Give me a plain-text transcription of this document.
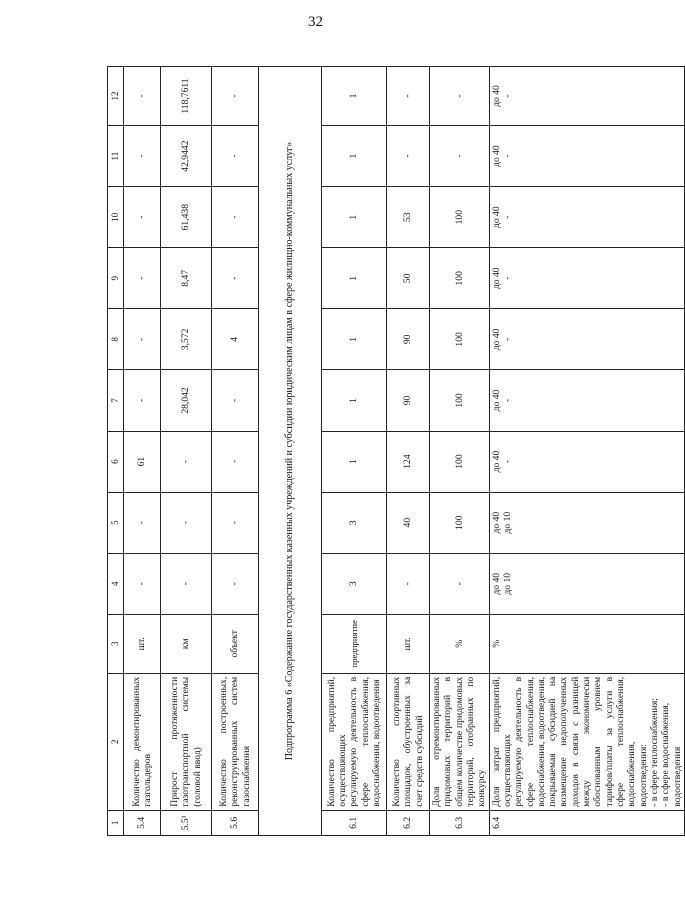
32
1	2	3	4	5	6	7	8	9	10	11	12
5.4	Количество демонтированных газгольдеров	шт.	-	-	61	-	-	-	-	-	-
5.5¹	Прирост протяженности газотранспортной системы (головой ввод)	км	-	-	-	28,042	3,572	8,47	61,438	42,9442	118,7611
5.6	Количество построенных, реконструированных систем газоснабжения	объект	-	-	-	-	4	-	-	-	-
Подпрограмма 6 «Содержание государственных казенных учреждений и субсидии юридическим лицам в сфере жилищно-коммунальных услуг»											
6.1	Количество предприятий, осуществляющих регулируемую деятельность в сфере теплоснабжения, водоснабжения, водоотведения	предприятие	3	3	1	1	1	1	1	1	1
6.2	Количество спортивных площадок, обустроенных за счет средств субсидий	шт.	-	40	124	90	90	50	53	-	-
6.3	Доля отремонтированных придомовых территорий в общем количестве придомовых территорий, отобранных по конкурсу	%	-	100	100	100	100	100	100	-	-
6.4	Доля затрат предприятий, осуществляющих регулируемую деятельность в сфере теплоснабжения, водоснабжения, водоотведения, покрываемая субсидией на возмещение недополученных доходов в связи с разницей между экономически обоснованным уровнем тарифов/платы за услуги в сфере теплоснабжения, водоснабжения, водоотведения: - в сфере теплоснабжения; - в сфере водоснабжения, водоотведения	%	до 40 до 10	до 40 до 10	до 40 -	до 40 -	до 40 -	до 40 -	до 40 -	до 40 -	до 40 -
